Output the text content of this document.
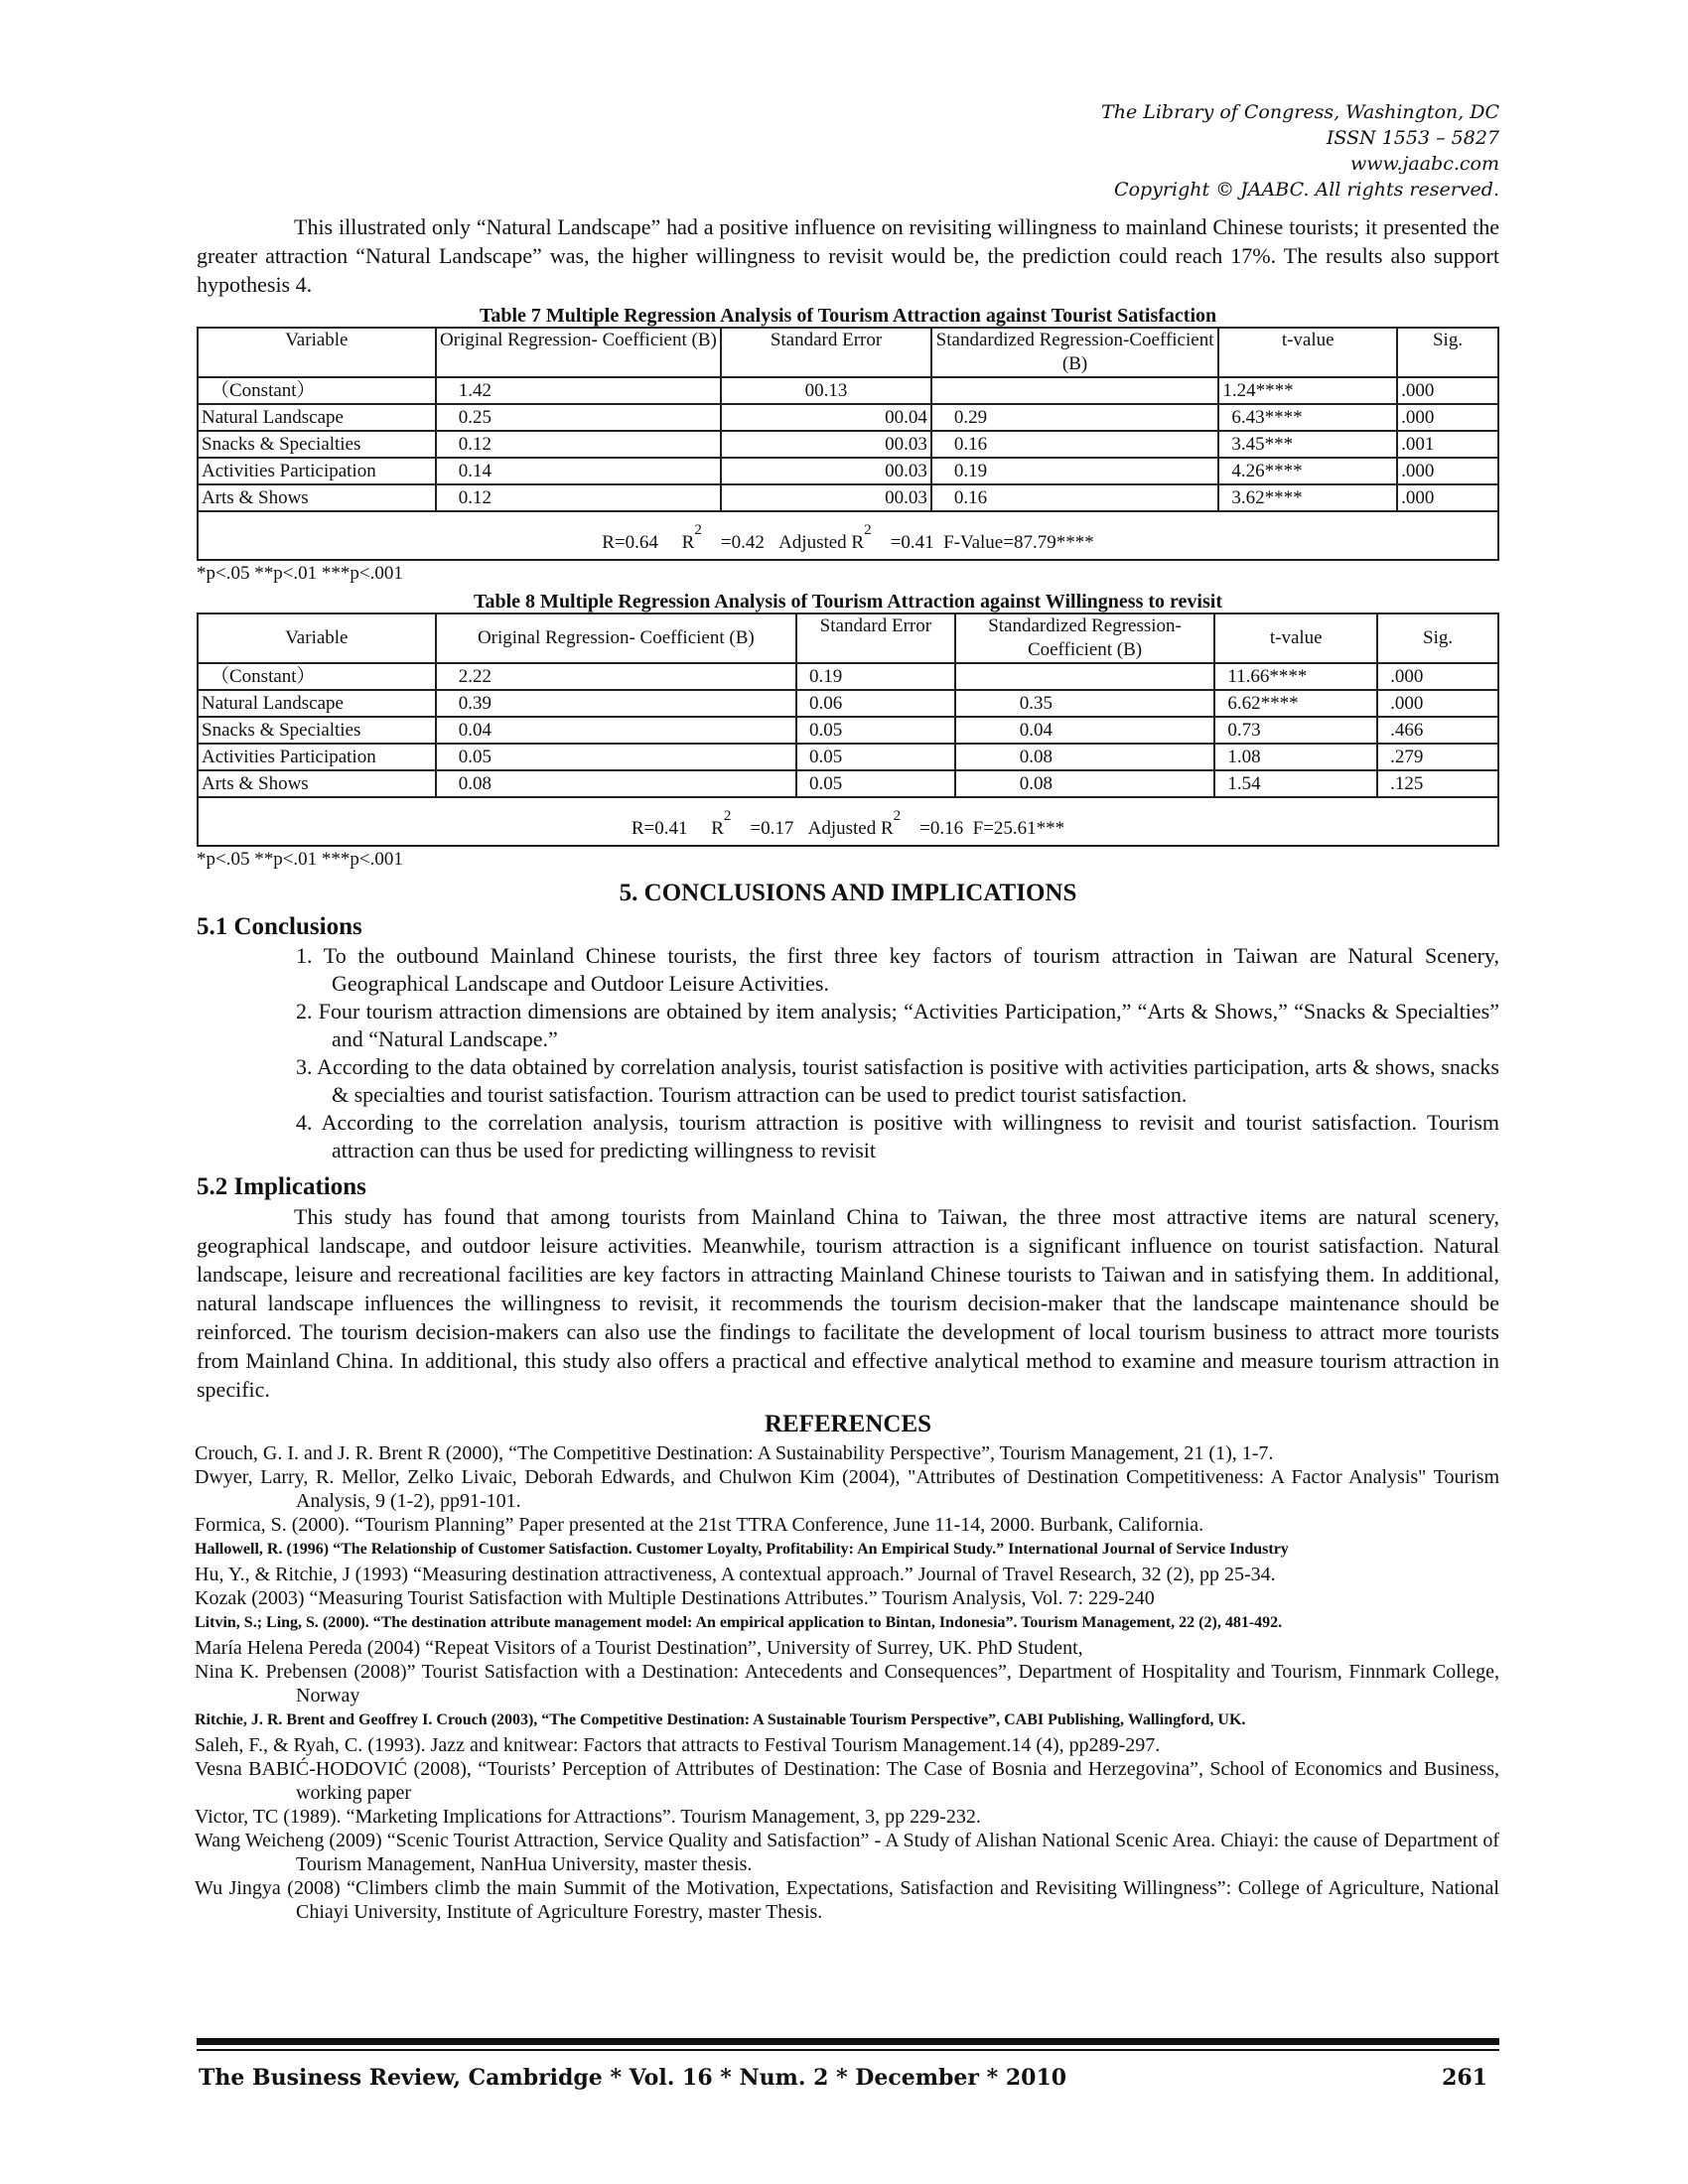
The Library of Congress, Washington, DC
ISSN 1553 – 5827
www.jaabc.com
Copyright © JAABC. All rights reserved.

This illustrated only “Natural Landscape” had a positive influence on revisiting willingness to mainland Chinese tourists; it presented the greater attraction “Natural Landscape” was, the higher willingness to revisit would be, the prediction could reach 17%. The results also support hypothesis 4.

Table 7 Multiple Regression Analysis of Tourism Attraction against Tourist Satisfaction
Variable	Original Regression- Coefficient (B)	Standard Error	Standardized Regression-Coefficient (B)	t-value	Sig.
（Constant）	1.42	00.13		1.24****	.000
Natural Landscape	0.25	00.04	0.29	6.43****	.000
Snacks & Specialties	0.12	00.03	0.16	3.45***	.001
Activities Participation	0.14	00.03	0.19	4.26****	.000
Arts & Shows	0.12	00.03	0.16	3.62****	.000
R=0.64 $R^2$    =0.42 Adjusted $R^2$    =0.41 F-Value=87.79****					
*p<.05 **p<.01 ***p<.001
Table 8 Multiple Regression Analysis of Tourism Attraction against Willingness to revisit
Variable	Original Regression- Coefficient (B)	Standard Error	Standardized Regression-Coefficient (B)	t-value	Sig.
（Constant）	2.22	0.19		11.66****	.000
Natural Landscape	0.39	0.06	0.35	6.62****	.000
Snacks & Specialties	0.04	0.05	0.04	0.73	.466
Activities Participation	0.05	0.05	0.08	1.08	.279
Arts & Shows	0.08	0.05	0.08	1.54	.125
R=0.41 $R^2$    =0.17 Adjusted $R^2$    =0.16 F=25.61***					
*p<.05 **p<.01 ***p<.001
5. CONCLUSIONS AND IMPLICATIONS
5.1 Conclusions
1. To the outbound Mainland Chinese tourists, the first three key factors of tourism attraction in Taiwan are Natural Scenery, Geographical Landscape and Outdoor Leisure Activities.
2. Four tourism attraction dimensions are obtained by item analysis; “Activities Participation,” “Arts & Shows,” “Snacks & Specialties” and “Natural Landscape.”
3. According to the data obtained by correlation analysis, tourist satisfaction is positive with activities participation, arts & shows, snacks & specialties and tourist satisfaction. Tourism attraction can be used to predict tourist satisfaction.
4. According to the correlation analysis, tourism attraction is positive with willingness to revisit and tourist satisfaction. Tourism attraction can thus be used for predicting willingness to revisit
5.2 Implications

This study has found that among tourists from Mainland China to Taiwan, the three most attractive items are natural scenery, geographical landscape, and outdoor leisure activities. Meanwhile, tourism attraction is a significant influence on tourist satisfaction. Natural landscape, leisure and recreational facilities are key factors in attracting Mainland Chinese tourists to Taiwan and in satisfying them. In additional, natural landscape influences the willingness to revisit, it recommends the tourism decision-maker that the landscape maintenance should be reinforced. The tourism decision-makers can also use the findings to facilitate the development of local tourism business to attract more tourists from Mainland China. In additional, this study also offers a practical and effective analytical method to examine and measure tourism attraction in specific.

REFERENCES
Crouch, G. I. and J. R. Brent R (2000), “The Competitive Destination: A Sustainability Perspective”, Tourism Management, 21 (1), 1-7.
Dwyer, Larry, R. Mellor, Zelko Livaic, Deborah Edwards, and Chulwon Kim (2004), "Attributes of Destination Competitiveness: A Factor Analysis" Tourism Analysis, 9 (1-2), pp91-101.
Formica, S. (2000). “Tourism Planning” Paper presented at the 21st TTRA Conference, June 11-14, 2000. Burbank, California.
Hallowell, R. (1996) “The Relationship of Customer Satisfaction. Customer Loyalty, Profitability: An Empirical Study.” International Journal of Service Industry
Hu, Y., & Ritchie, J (1993) “Measuring destination attractiveness, A contextual approach.” Journal of Travel Research, 32 (2), pp 25-34.
Kozak (2003) “Measuring Tourist Satisfaction with Multiple Destinations Attributes.” Tourism Analysis, Vol. 7: 229-240
Litvin, S.; Ling, S. (2000). “The destination attribute management model: An empirical application to Bintan, Indonesia”. Tourism Management, 22 (2), 481-492.
María Helena Pereda (2004) “Repeat Visitors of a Tourist Destination”, University of Surrey, UK. PhD Student,
Nina K. Prebensen (2008)” Tourist Satisfaction with a Destination: Antecedents and Consequences”, Department of Hospitality and Tourism, Finnmark College, Norway
Ritchie, J. R. Brent and Geoffrey I. Crouch (2003), “The Competitive Destination: A Sustainable Tourism Perspective”, CABI Publishing, Wallingford, UK.
Saleh, F., & Ryah, C. (1993). Jazz and knitwear: Factors that attracts to Festival Tourism Management.14 (4), pp289-297.
Vesna BABIĆ-HODOVIĆ (2008), “Tourists’ Perception of Attributes of Destination: The Case of Bosnia and Herzegovina”, School of Economics and Business, working paper
Victor, TC (1989). “Marketing Implications for Attractions”. Tourism Management, 3, pp 229-232.
Wang Weicheng (2009) “Scenic Tourist Attraction, Service Quality and Satisfaction” - A Study of Alishan National Scenic Area. Chiayi: the cause of Department of Tourism Management, NanHua University, master thesis.
Wu Jingya (2008) “Climbers climb the main Summit of the Motivation, Expectations, Satisfaction and Revisiting Willingness”: College of Agriculture, National Chiayi University, Institute of Agriculture Forestry, master Thesis.
The Business Review, Cambridge * Vol. 16 * Num. 2 * December * 2010	261
